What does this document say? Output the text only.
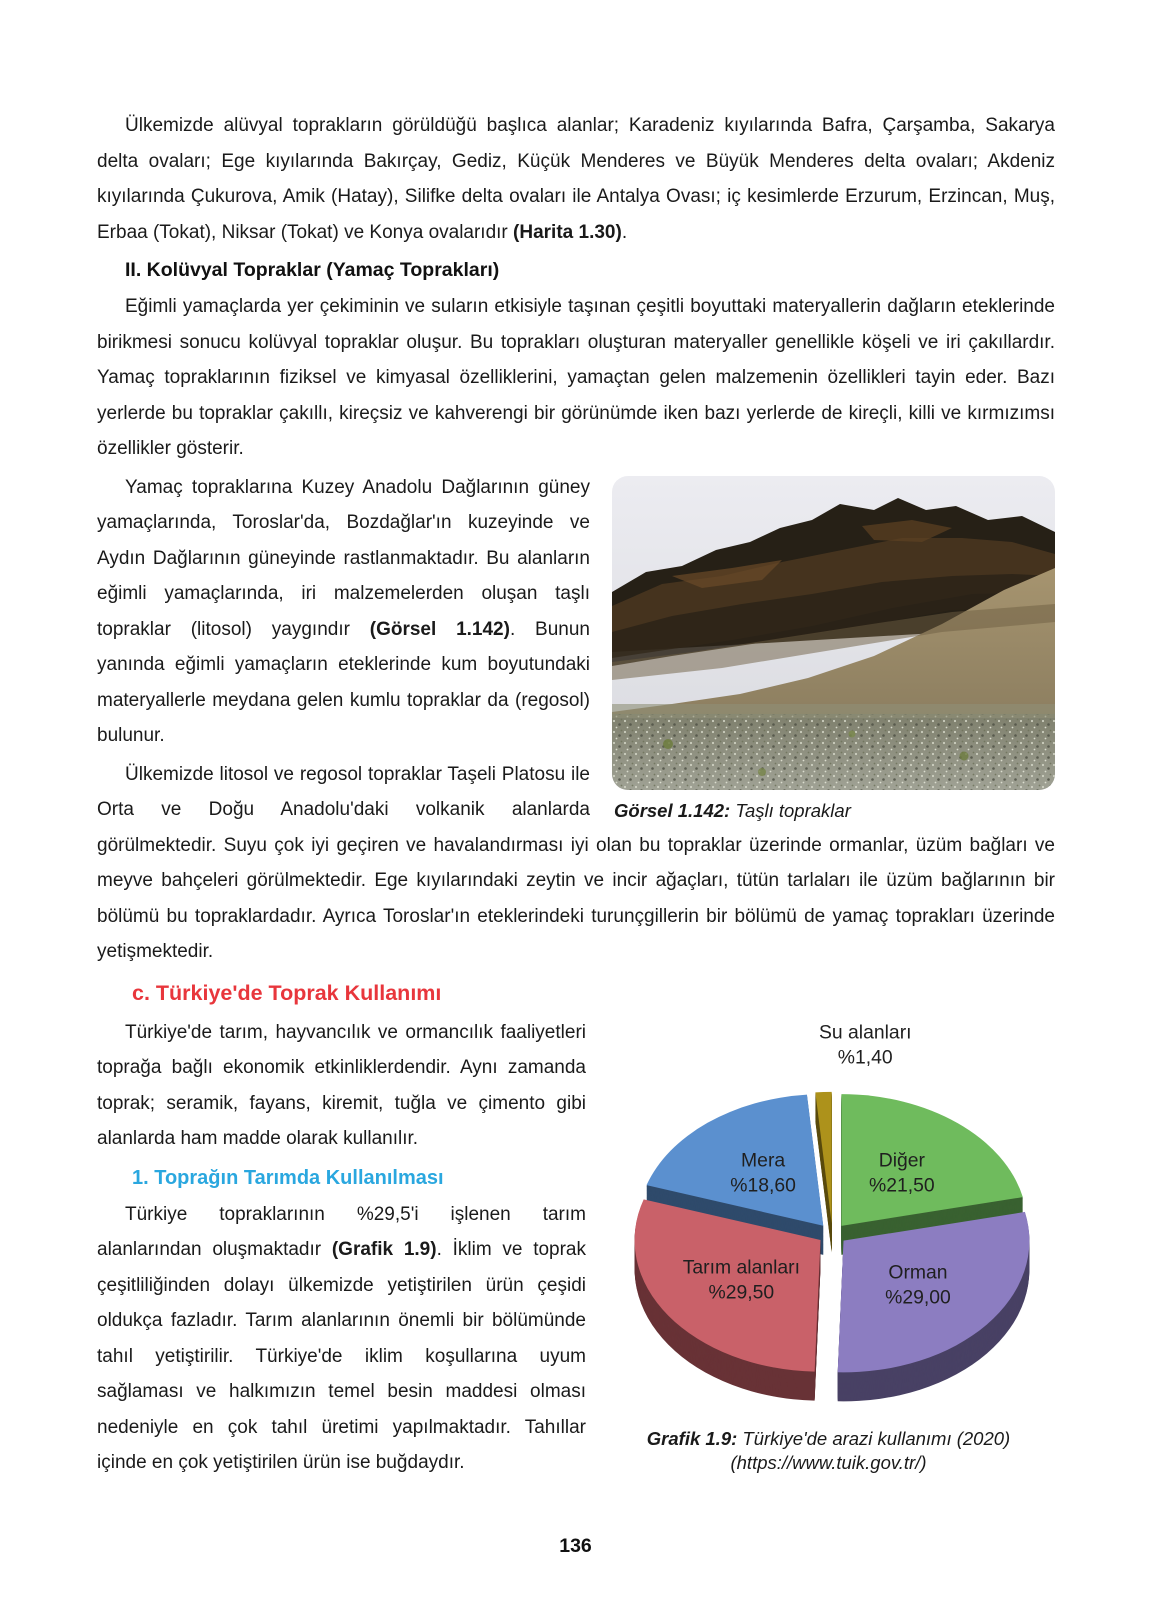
Ülkemizde alüvyal toprakların görüldüğü başlıca alanlar; Karadeniz kıyılarında Bafra, Çarşamba, Sakarya delta ovaları; Ege kıyılarında Bakırçay, Gediz, Küçük Menderes ve Büyük Menderes delta ovaları; Akdeniz kıyılarında Çukurova, Amik (Hatay), Silifke delta ovaları ile Antalya Ovası; iç kesimlerde Erzurum, Erzincan, Muş, Erbaa (Tokat), Niksar (Tokat) ve Konya ovalarıdır (Harita 1.30).

II. Kolüvyal Topraklar (Yamaç Toprakları)

Eğimli yamaçlarda yer çekiminin ve suların etkisiyle taşınan çeşitli boyuttaki materyallerin dağların eteklerinde birikmesi sonucu kolüvyal topraklar oluşur. Bu toprakları oluşturan materyaller genellikle köşeli ve iri çakıllardır. Yamaç topraklarının fiziksel ve kimyasal özelliklerini, yamaçtan gelen malzemenin özellikleri tayin eder. Bazı yerlerde bu topraklar çakıllı, kireçsiz ve kahverengi bir görünümde iken bazı yerlerde de kireçli, killi ve kırmızımsı özellikler gösterir.

Görsel 1.142: Taşlı topraklar

Yamaç topraklarına Kuzey Anadolu Dağlarının güney yamaçlarında, Toroslar'da, Bozdağlar'ın kuzeyinde ve Aydın Dağlarının güneyinde rastlanmaktadır. Bu alanların eğimli yamaçlarında, iri malzemelerden oluşan taşlı topraklar (litosol) yaygındır (Görsel 1.142). Bunun yanında eğimli yamaçların eteklerinde kum boyutundaki materyallerle meydana gelen kumlu topraklar da (regosol) bulunur.

Ülkemizde litosol ve regosol topraklar Taşeli Platosu ile Orta ve Doğu Anadolu'daki volkanik alanlarda görülmektedir. Suyu çok iyi geçiren ve havalandırması iyi olan bu topraklar üzerinde ormanlar, üzüm bağları ve meyve bahçeleri görülmektedir. Ege kıyılarındaki zeytin ve incir ağaçları, tütün tarlaları ile üzüm bağlarının bir bölümü bu topraklardadır. Ayrıca Toroslar'ın eteklerindeki turunçgillerin bir bölümü de yamaç toprakları üzerinde yetişmektedir.

c. Türkiye'de Toprak Kullanımı
Diğer
%21,50
Orman
%29,00
Tarım alanları
%29,50
Mera
%18,60
Su alanları
%1,40

Grafik 1.9: Türkiye'de arazi kullanımı (2020)
(https://www.tuik.gov.tr/)

Türkiye'de tarım, hayvancılık ve ormancılık faaliyetleri toprağa bağlı ekonomik etkinliklerdendir. Aynı zamanda toprak; seramik, fayans, kiremit, tuğla ve çimento gibi alanlarda ham madde olarak kullanılır.

1. Toprağın Tarımda Kullanılması

Türkiye topraklarının %29,5'i işlenen tarım alanlarından oluşmaktadır (Grafik 1.9). İklim ve toprak çeşitliliğinden dolayı ülkemizde yetiştirilen ürün çeşidi oldukça fazladır. Tarım alanlarının önemli bir bölümünde tahıl yetiştirilir. Türkiye'de iklim koşullarına uyum sağlaması ve halkımızın temel besin maddesi olması nedeniyle en çok tahıl üretimi yapılmaktadır. Tahıllar içinde en çok yetiştirilen ürün ise buğdaydır.

136
